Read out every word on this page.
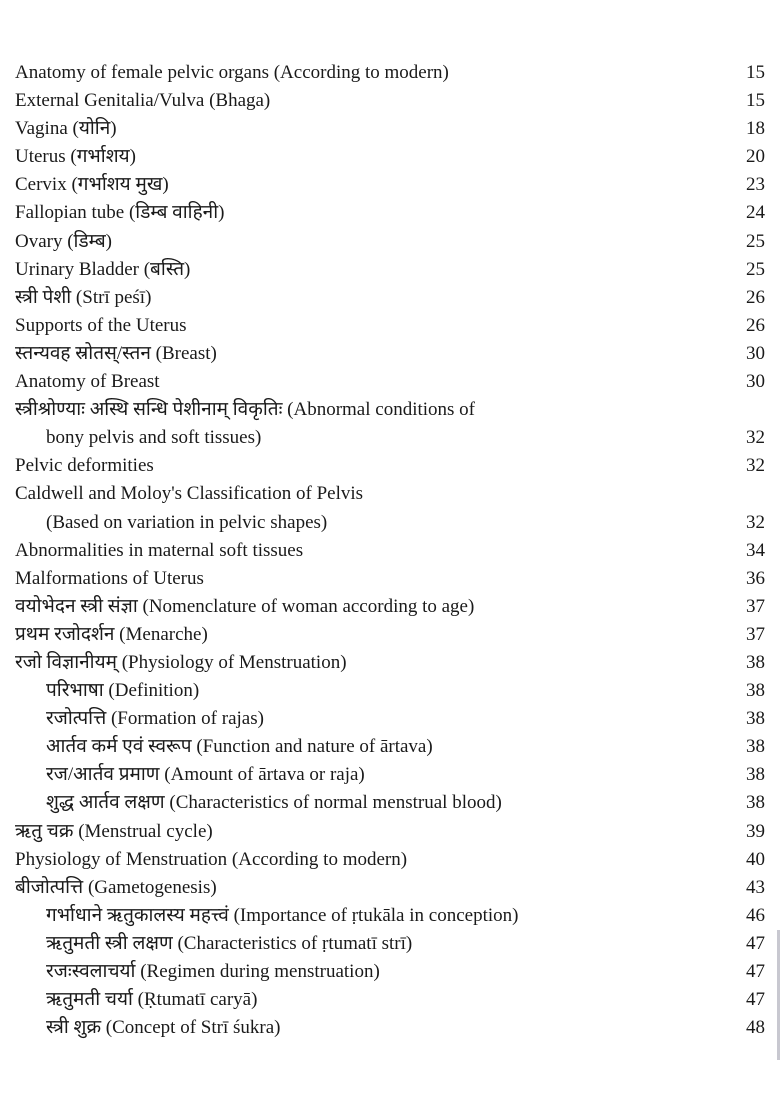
Anatomy of female pelvic organs (According to modern)	15
External Genitalia/Vulva (Bhaga)	15
Vagina (योनि)	18
Uterus (गर्भाशय)	20
Cervix (गर्भाशय मुख)	23
Fallopian tube (डिम्ब वाहिनी)	24
Ovary (डिम्ब)	25
Urinary Bladder (बस्ति)	25
स्त्री पेशी (Strī peśī)	26
Supports of the Uterus	26
स्तन्यवह स्रोतस्/स्तन (Breast)	30
Anatomy of Breast	30
स्त्रीश्रोण्याः अस्थि सन्धि पेशीनाम् विकृतिः (Abnormal conditions of
bony pelvis and soft tissues)	32
Pelvic deformities	32
Caldwell and Moloy's Classification of Pelvis
(Based on variation in pelvic shapes)	32
Abnormalities in maternal soft tissues	34
Malformations of Uterus	36
वयोभेदन स्त्री संज्ञा (Nomenclature of woman according to age)	37
प्रथम रजोदर्शन (Menarche)	37
रजो विज्ञानीयम् (Physiology of Menstruation)	38
परिभाषा (Definition)	38
रजोत्पत्ति (Formation of rajas)	38
आर्तव कर्म एवं स्वरूप (Function and nature of ārtava)	38
रज/आर्तव प्रमाण (Amount of ārtava or raja)	38
शुद्ध आर्तव लक्षण (Characteristics of normal menstrual blood)	38
ऋतु चक्र (Menstrual cycle)	39
Physiology of Menstruation (According to modern)	40
बीजोत्पत्ति (Gametogenesis)	43
गर्भाधाने ऋतुकालस्य महत्त्वं (Importance of ṛtukāla in conception)	46
ऋतुमती स्त्री लक्षण (Characteristics of ṛtumatī strī)	47
रजःस्वलाचर्या (Regimen during menstruation)	47
ऋतुमती चर्या (Ṛtumatī caryā)	47
स्त्री शुक्र (Concept of Strī śukra)	48
